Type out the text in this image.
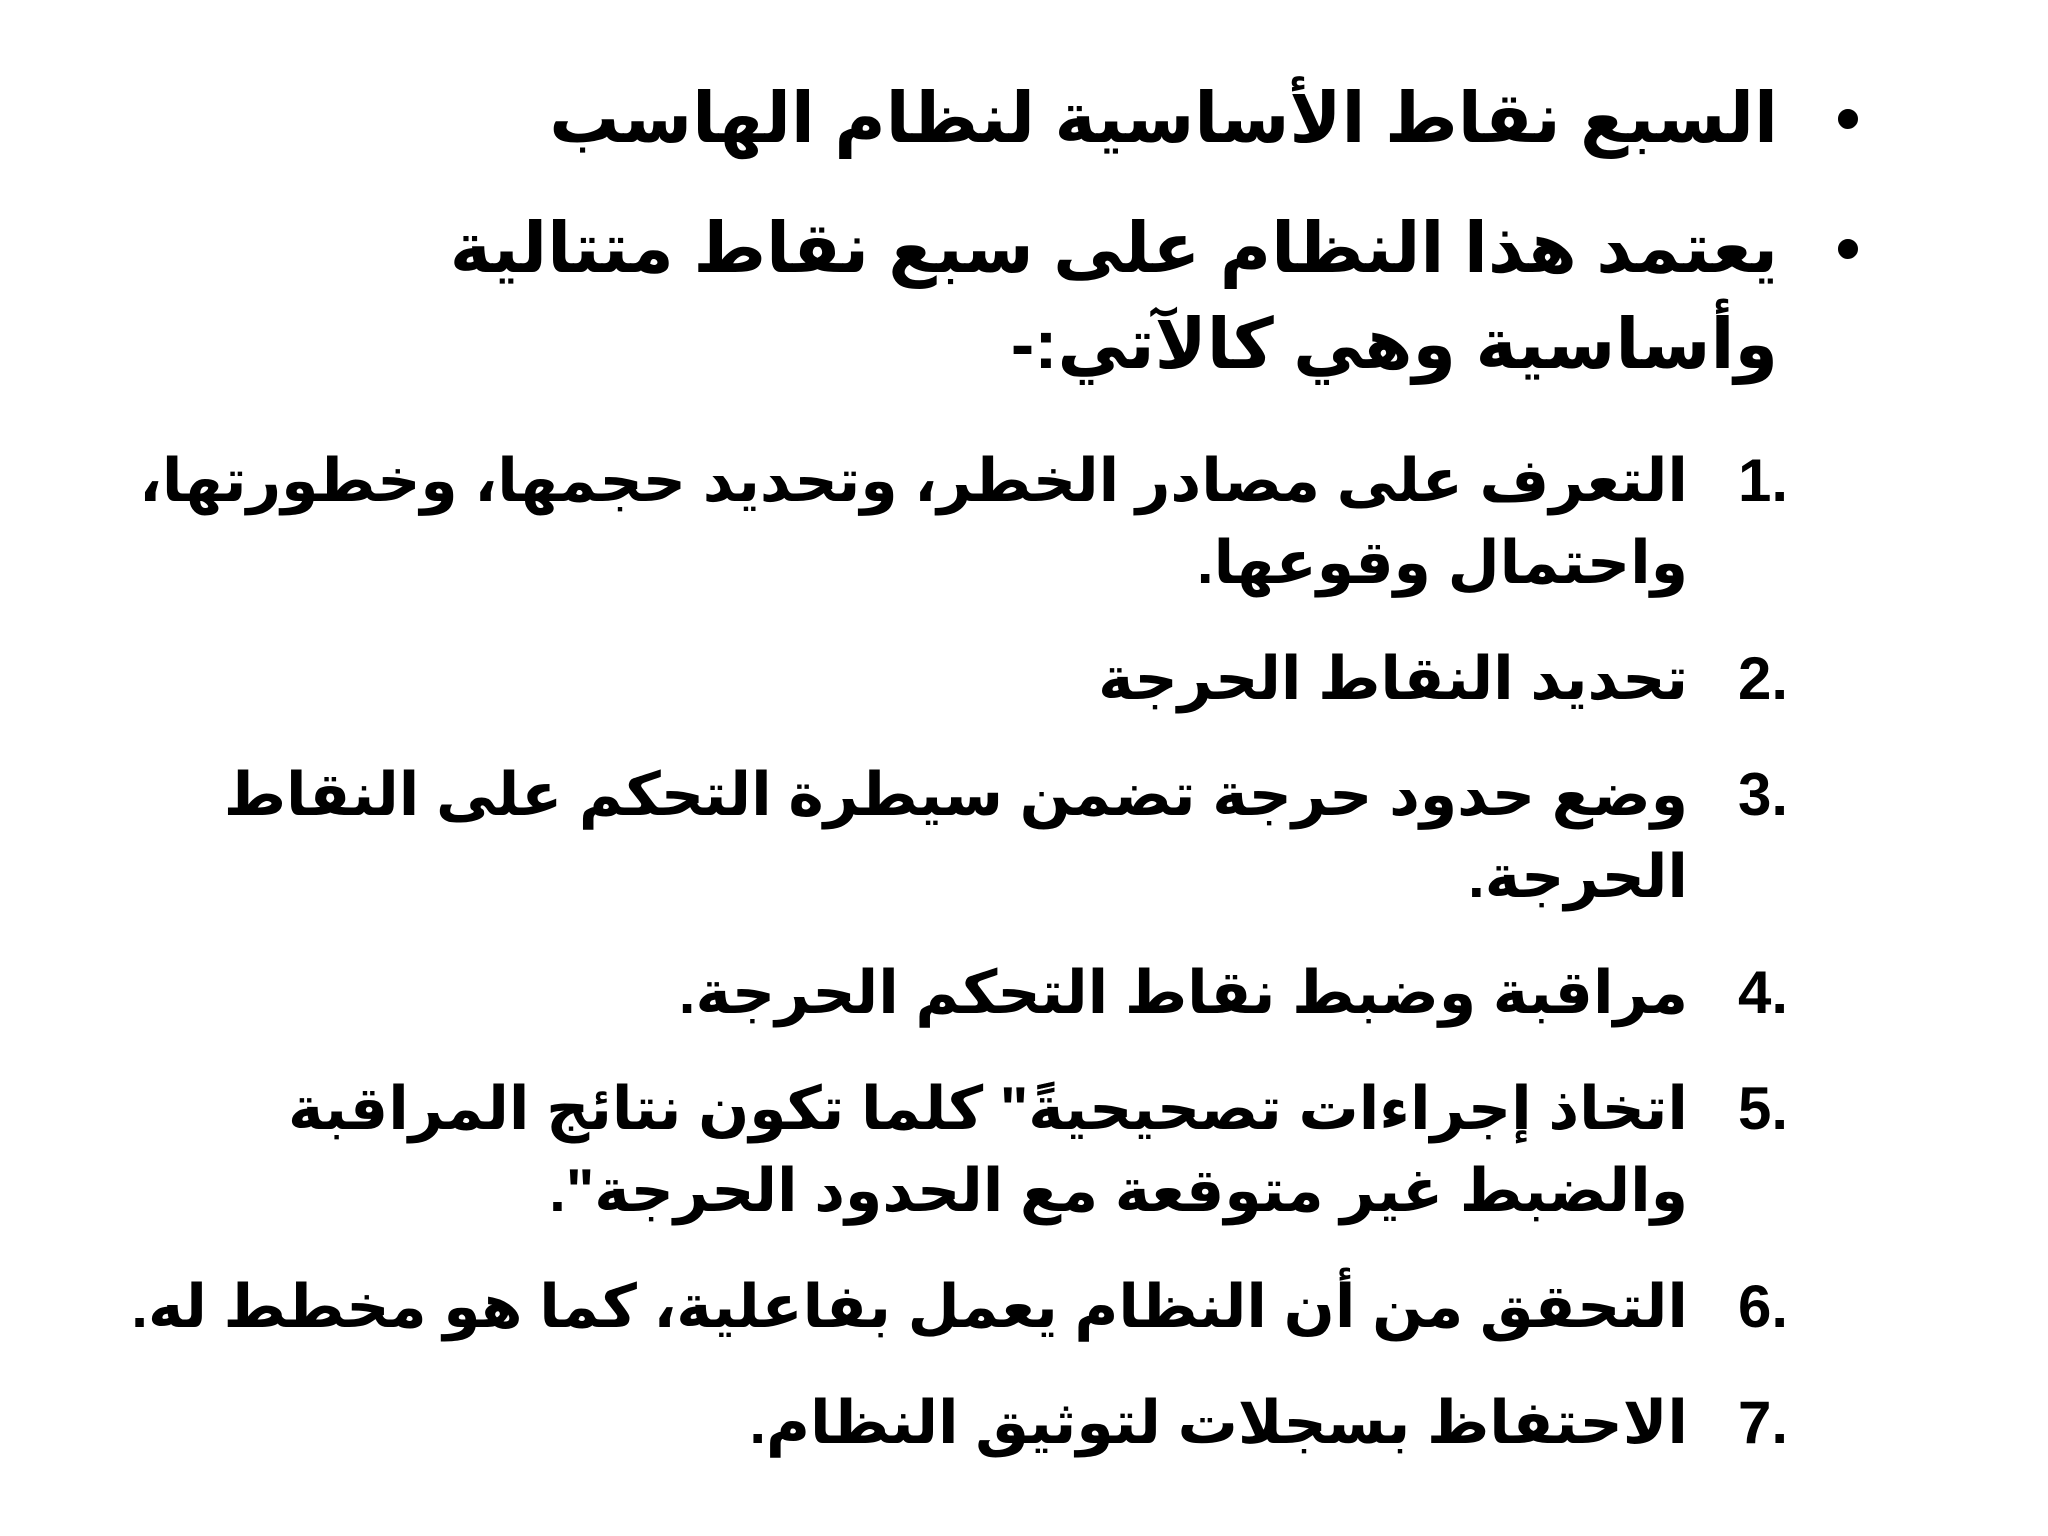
•
السبع نقاط الأساسية لنظام الهاسب
•
يعتمد هذا النظام على سبع نقاط متتالية وأساسية وهي كالآتي:-
1.
التعرف على مصادر الخطر، وتحديد حجمها، وخطورتها، واحتمال وقوعها.
2.
تحديد النقاط الحرجة
3.
وضع حدود حرجة تضمن سيطرة التحكم على النقاط الحرجة.
4.
مراقبة وضبط نقاط التحكم الحرجة.
5.
اتخاذ إجراءات تصحيحيةًً" كلما تكون نتائج المراقبة والضبط غير متوقعة مع الحدود الحرجة".
6.
التحقق من أن النظام يعمل بفاعلية، كما هو مخطط له.
7.
الاحتفاظ بسجلات لتوثيق النظام.
